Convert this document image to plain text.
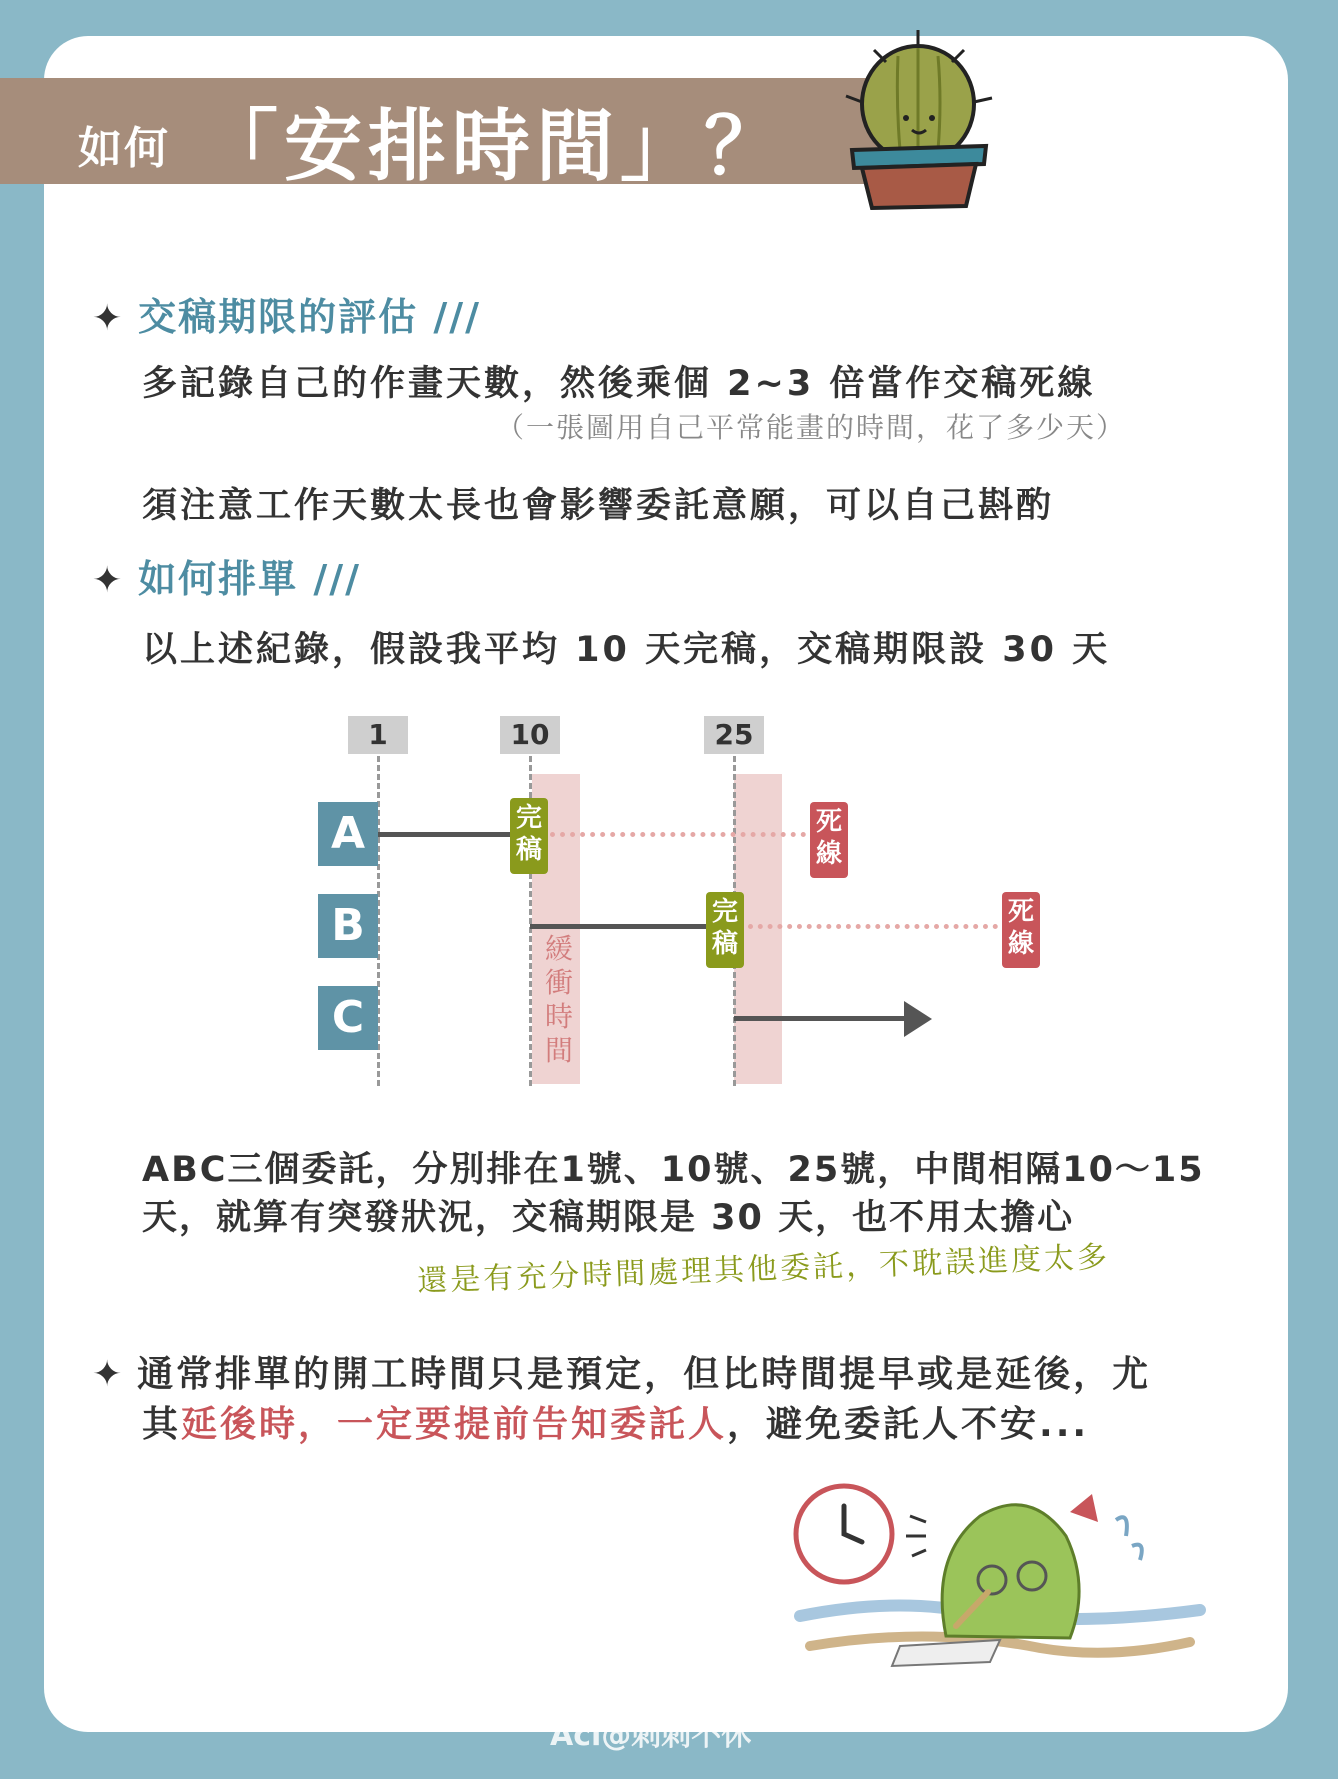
如何 「安排時間」？
✦ 交稿期限的評估 ///
多記錄自己的作畫天數，然後乘個 2~3 倍當作交稿死線
（一張圖用自己平常能畫的時間，花了多少天）
須注意工作天數太長也會影響委託意願，可以自己斟酌
✦ 如何排單 ///
以上述紀錄，假設我平均 10 天完稿，交稿期限設 30 天
緩
衝
時
間
1	10	25
A
B
C
完
稿
死
線
完
稿
死
線
ABC三個委託，分別排在1號、10號、25號，中間相隔10～15
天，就算有突發狀況，交稿期限是 30 天，也不用太擔心
還是有充分時間處理其他委託，不耽誤進度太多
✦ 通常排單的開工時間只是預定，但比時間提早或是延後，尤
其延後時，一定要提前告知委託人，避免委託人不安...
Aci@刺刺不休
